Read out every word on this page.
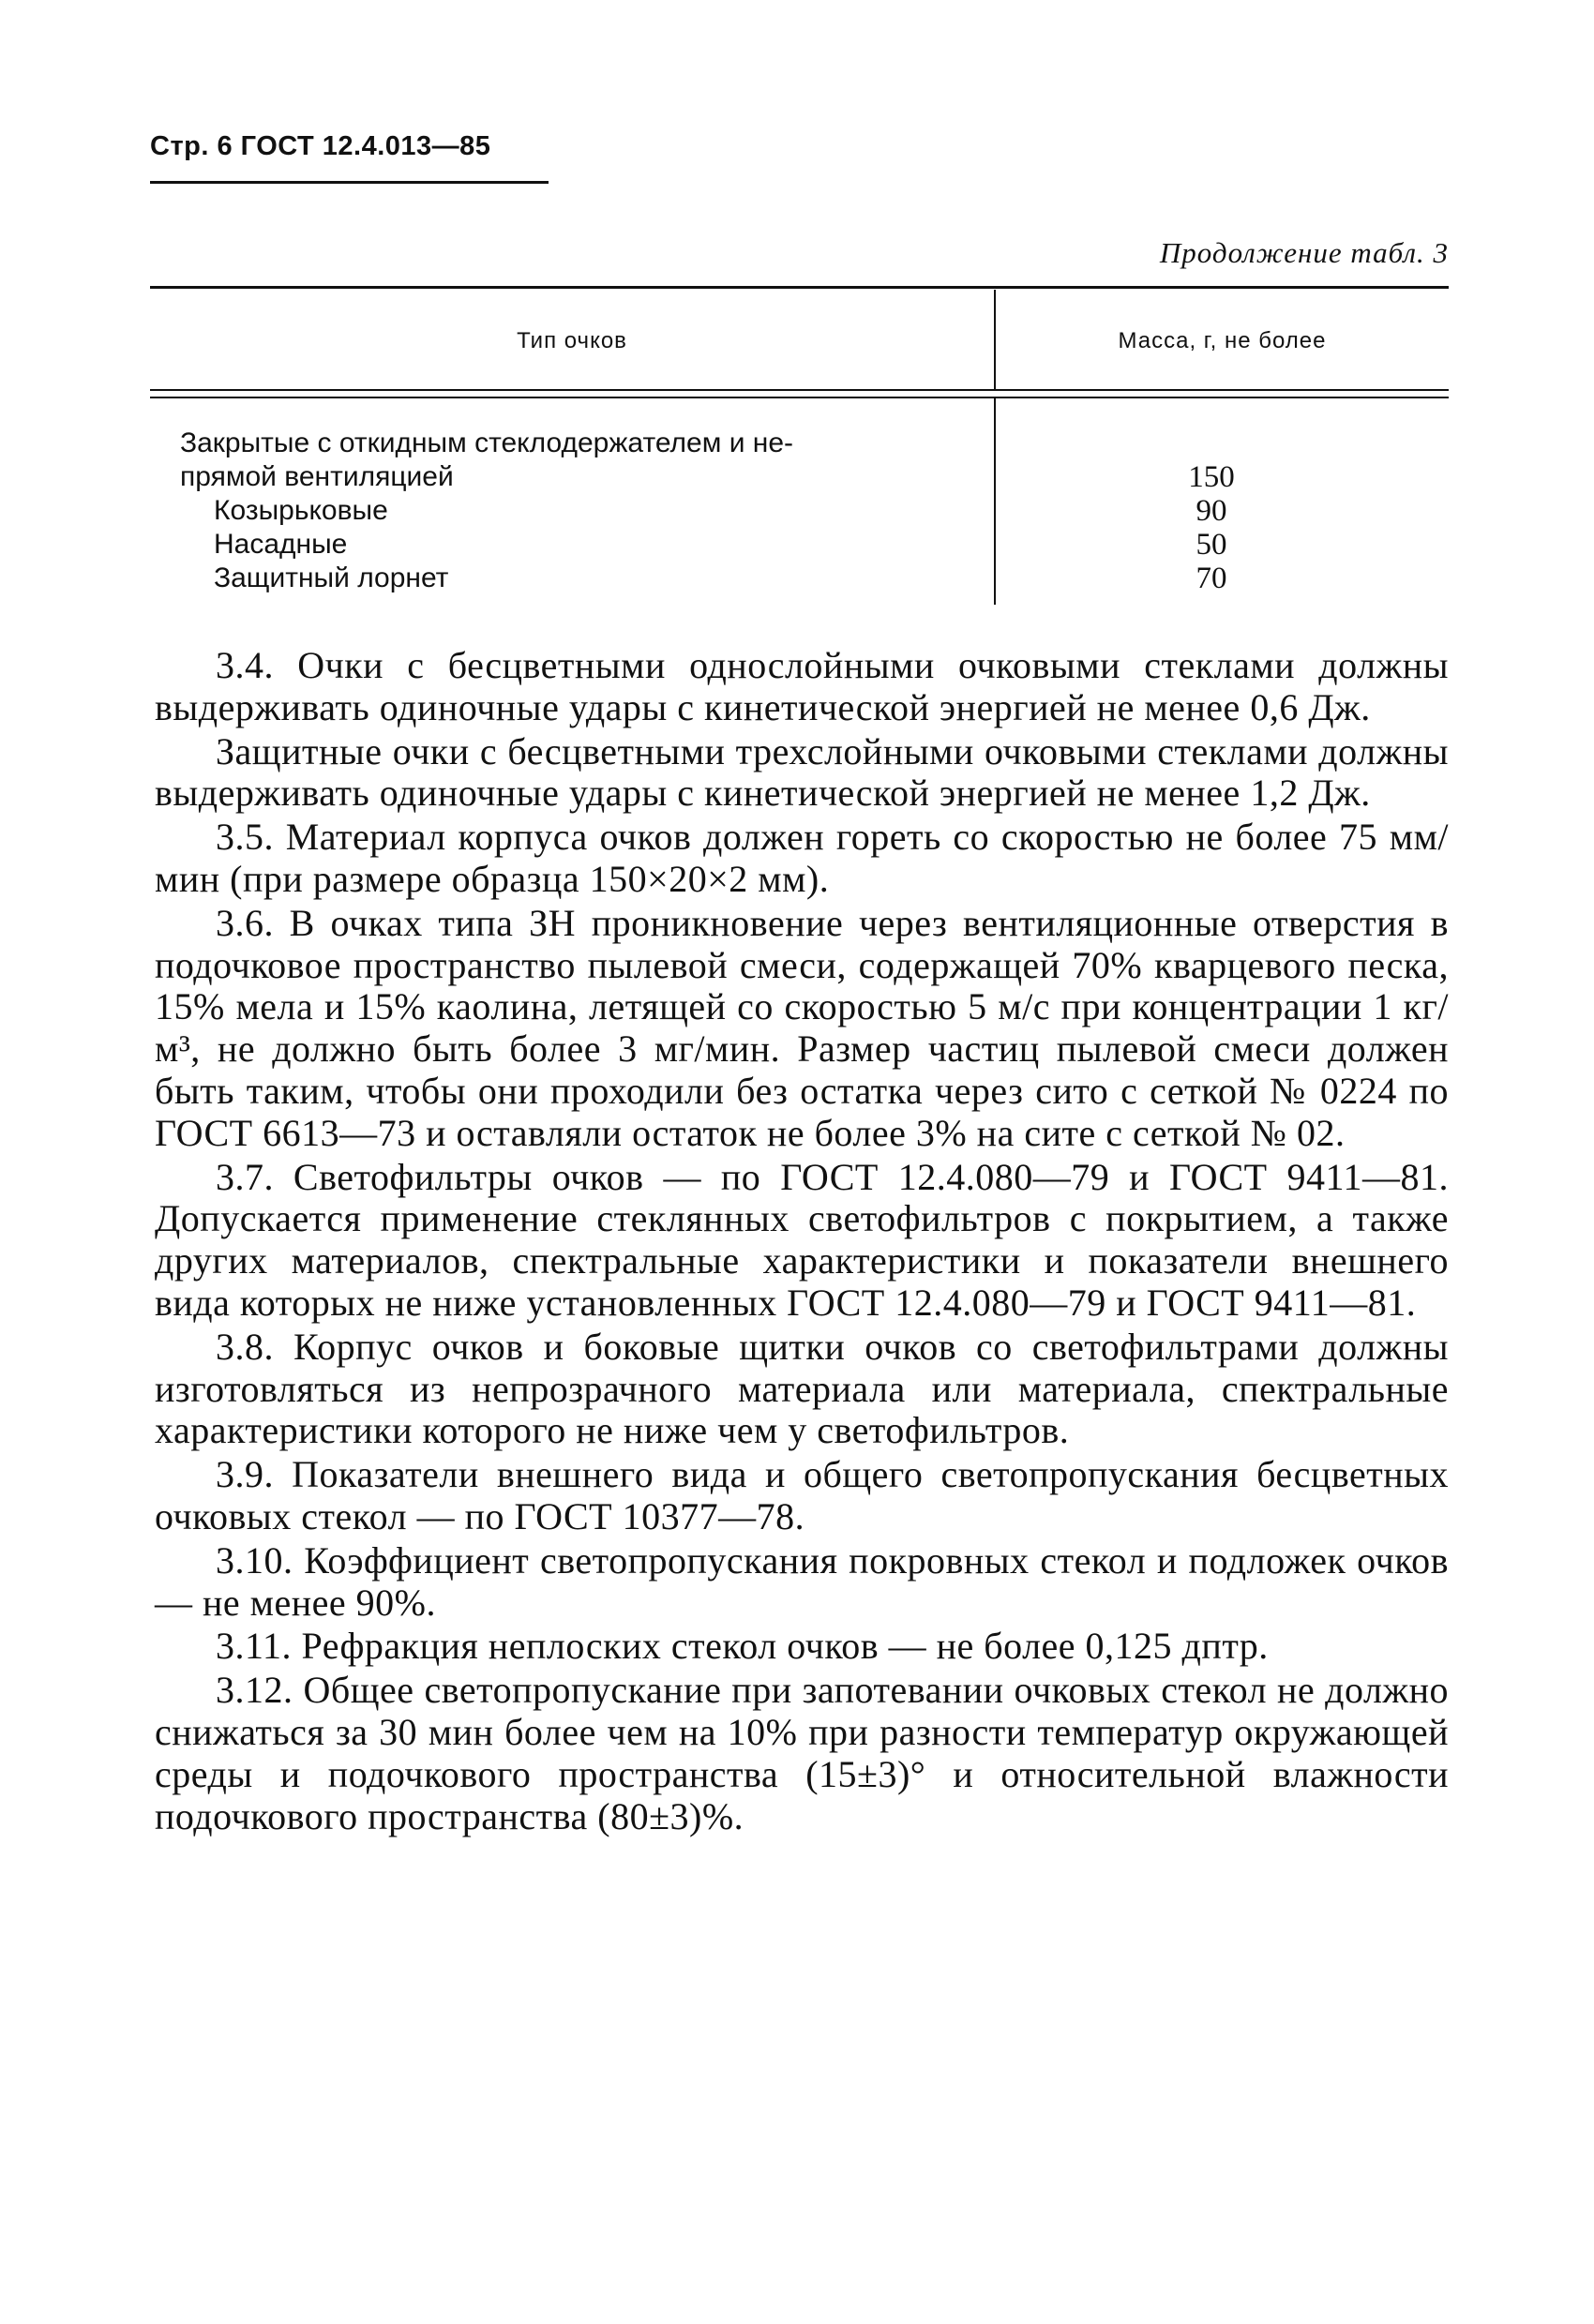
Стр. 6 ГОСТ 12.4.013—85
Продолжение табл. 3
Тип очков	Масса, г, не более
Закрытые с откидным стеклодержателем и не-
прямой вентиляцией	150
Козырьковые	90
Насадные	50
Защитный лорнет	70

3.4. Очки с бесцветными однослойными очковыми стеклами должны выдерживать одиночные удары с кинетической энергией не менее 0,6 Дж.

Защитные очки с бесцветными трехслойными очковыми стеклами должны выдерживать одиночные удары с кинетической энергией не менее 1,2 Дж.

3.5. Материал корпуса очков должен гореть со скоростью не более 75 мм/мин (при размере образца 150×20×2 мм).

3.6. В очках типа ЗН проникновение через вентиляционные отверстия в подочковое пространство пылевой смеси, содержащей 70% кварцевого песка, 15% мела и 15% каолина, летящей со скоростью 5 м/с при концентрации 1 кг/м³, не должно быть более 3 мг/мин. Размер частиц пылевой смеси должен быть таким, чтобы они проходили без остатка через сито с сеткой № 0224 по ГОСТ 6613—73 и оставляли остаток не более 3% на сите с сеткой № 02.

3.7. Светофильтры очков — по ГОСТ 12.4.080—79 и ГОСТ 9411—81. Допускается применение стеклянных светофильтров с покрытием, а также других материалов, спектральные характеристики и показатели внешнего вида которых не ниже установленных ГОСТ 12.4.080—79 и ГОСТ 9411—81.

3.8. Корпус очков и боковые щитки очков со светофильтрами должны изготовляться из непрозрачного материала или материала, спектральные характеристики которого не ниже чем у светофильтров.

3.9. Показатели внешнего вида и общего светопропускания бесцветных очковых стекол — по ГОСТ 10377—78.

3.10. Коэффициент светопропускания покровных стекол и подложек очков — не менее 90%.

3.11. Рефракция неплоских стекол очков — не более 0,125 дптр.

3.12. Общее светопропускание при запотевании очковых стекол не должно снижаться за 30 мин более чем на 10% при разности температур окружающей среды и подочкового пространства (15±3)° и относительной влажности подочкового пространства (80±3)%.
